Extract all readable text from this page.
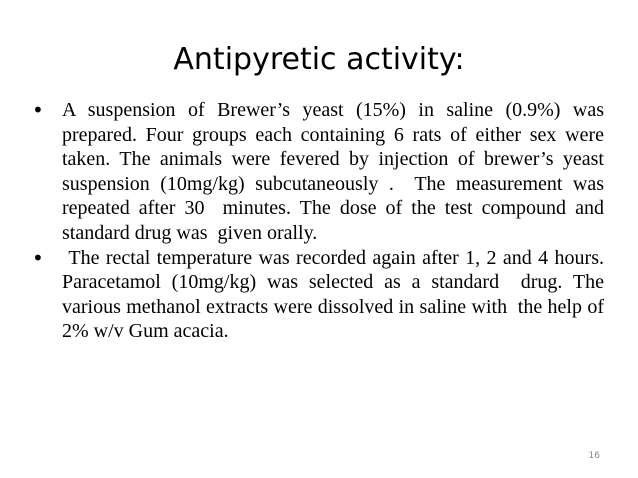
Antipyretic activity:
• A suspension of Brewer’s yeast (15%) in saline (0.9%) was  prepared. Four groups each containing 6 rats of either sex were  taken. The animals were fevered by injection of brewer’s yeast suspension (10mg/kg) subcutaneously .  The measurement was repeated after 30  minutes. The dose of the test compound and standard drug was  given orally.
• The rectal temperature was recorded again after 1, 2 and 4 hours. Paracetamol (10mg/kg) was selected as a standard  drug. The various methanol extracts were dissolved in saline with  the help of 2% w/v Gum acacia.
16
